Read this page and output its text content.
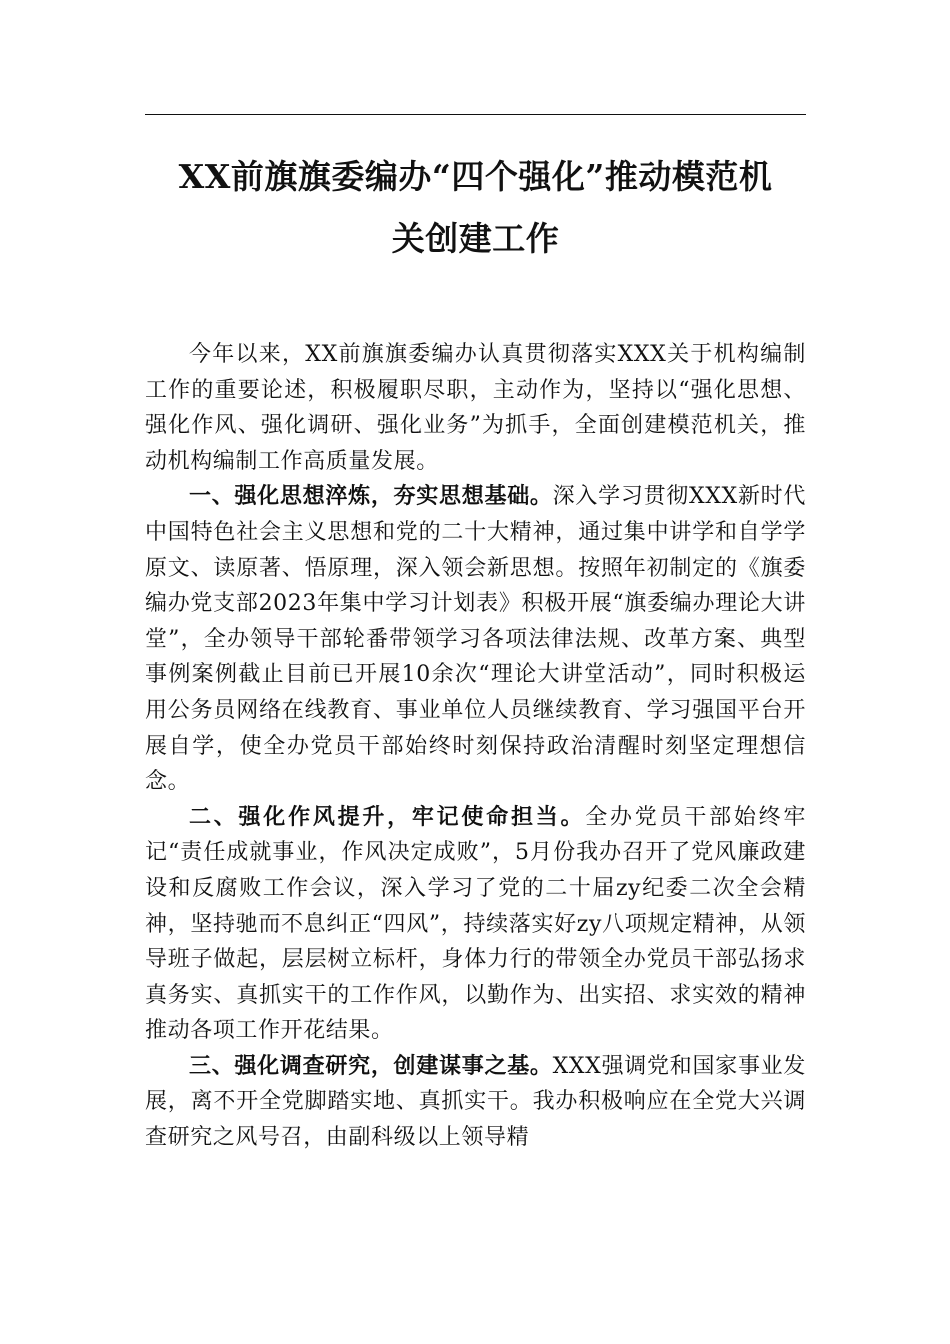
XX前旗旗委编办“四个强化”推动模范机
关创建工作

今年以来，XX前旗旗委编办认真贯彻落实XXX关于机构编制工作的重要论述，积极履职尽职，主动作为，坚持以“强化思想、强化作风、强化调研、强化业务”为抓手，全面创建模范机关，推动机构编制工作高质量发展。

一、强化思想淬炼，夯实思想基础。深入学习贯彻XXX新时代中国特色社会主义思想和党的二十大精神，通过集中讲学和自学学原文、读原著、悟原理，深入领会新思想。按照年初制定的《旗委编办党支部2023年集中学习计划表》积极开展“旗委编办理论大讲堂”，全办领导干部轮番带领学习各项法律法规、改革方案、典型事例案例截止目前已开展10余次“理论大讲堂活动”，同时积极运用公务员网络在线教育、事业单位人员继续教育、学习强国平台开展自学，使全办党员干部始终时刻保持政治清醒时刻坚定理想信念。

二、强化作风提升，牢记使命担当。全办党员干部始终牢记“责任成就事业，作风决定成败”，5月份我办召开了党风廉政建设和反腐败工作会议，深入学习了党的二十届zy纪委二次全会精神，坚持驰而不息纠正“四风”，持续落实好zy八项规定精神，从领导班子做起，层层树立标杆，身体力行的带领全办党员干部弘扬求真务实、真抓实干的工作作风，以勤作为、出实招、求实效的精神推动各项工作开花结果。

三、强化调查研究，创建谋事之基。XXX强调党和国家事业发展，离不开全党脚踏实地、真抓实干。我办积极响应在全党大兴调查研究之风号召，由副科级以上领导精
